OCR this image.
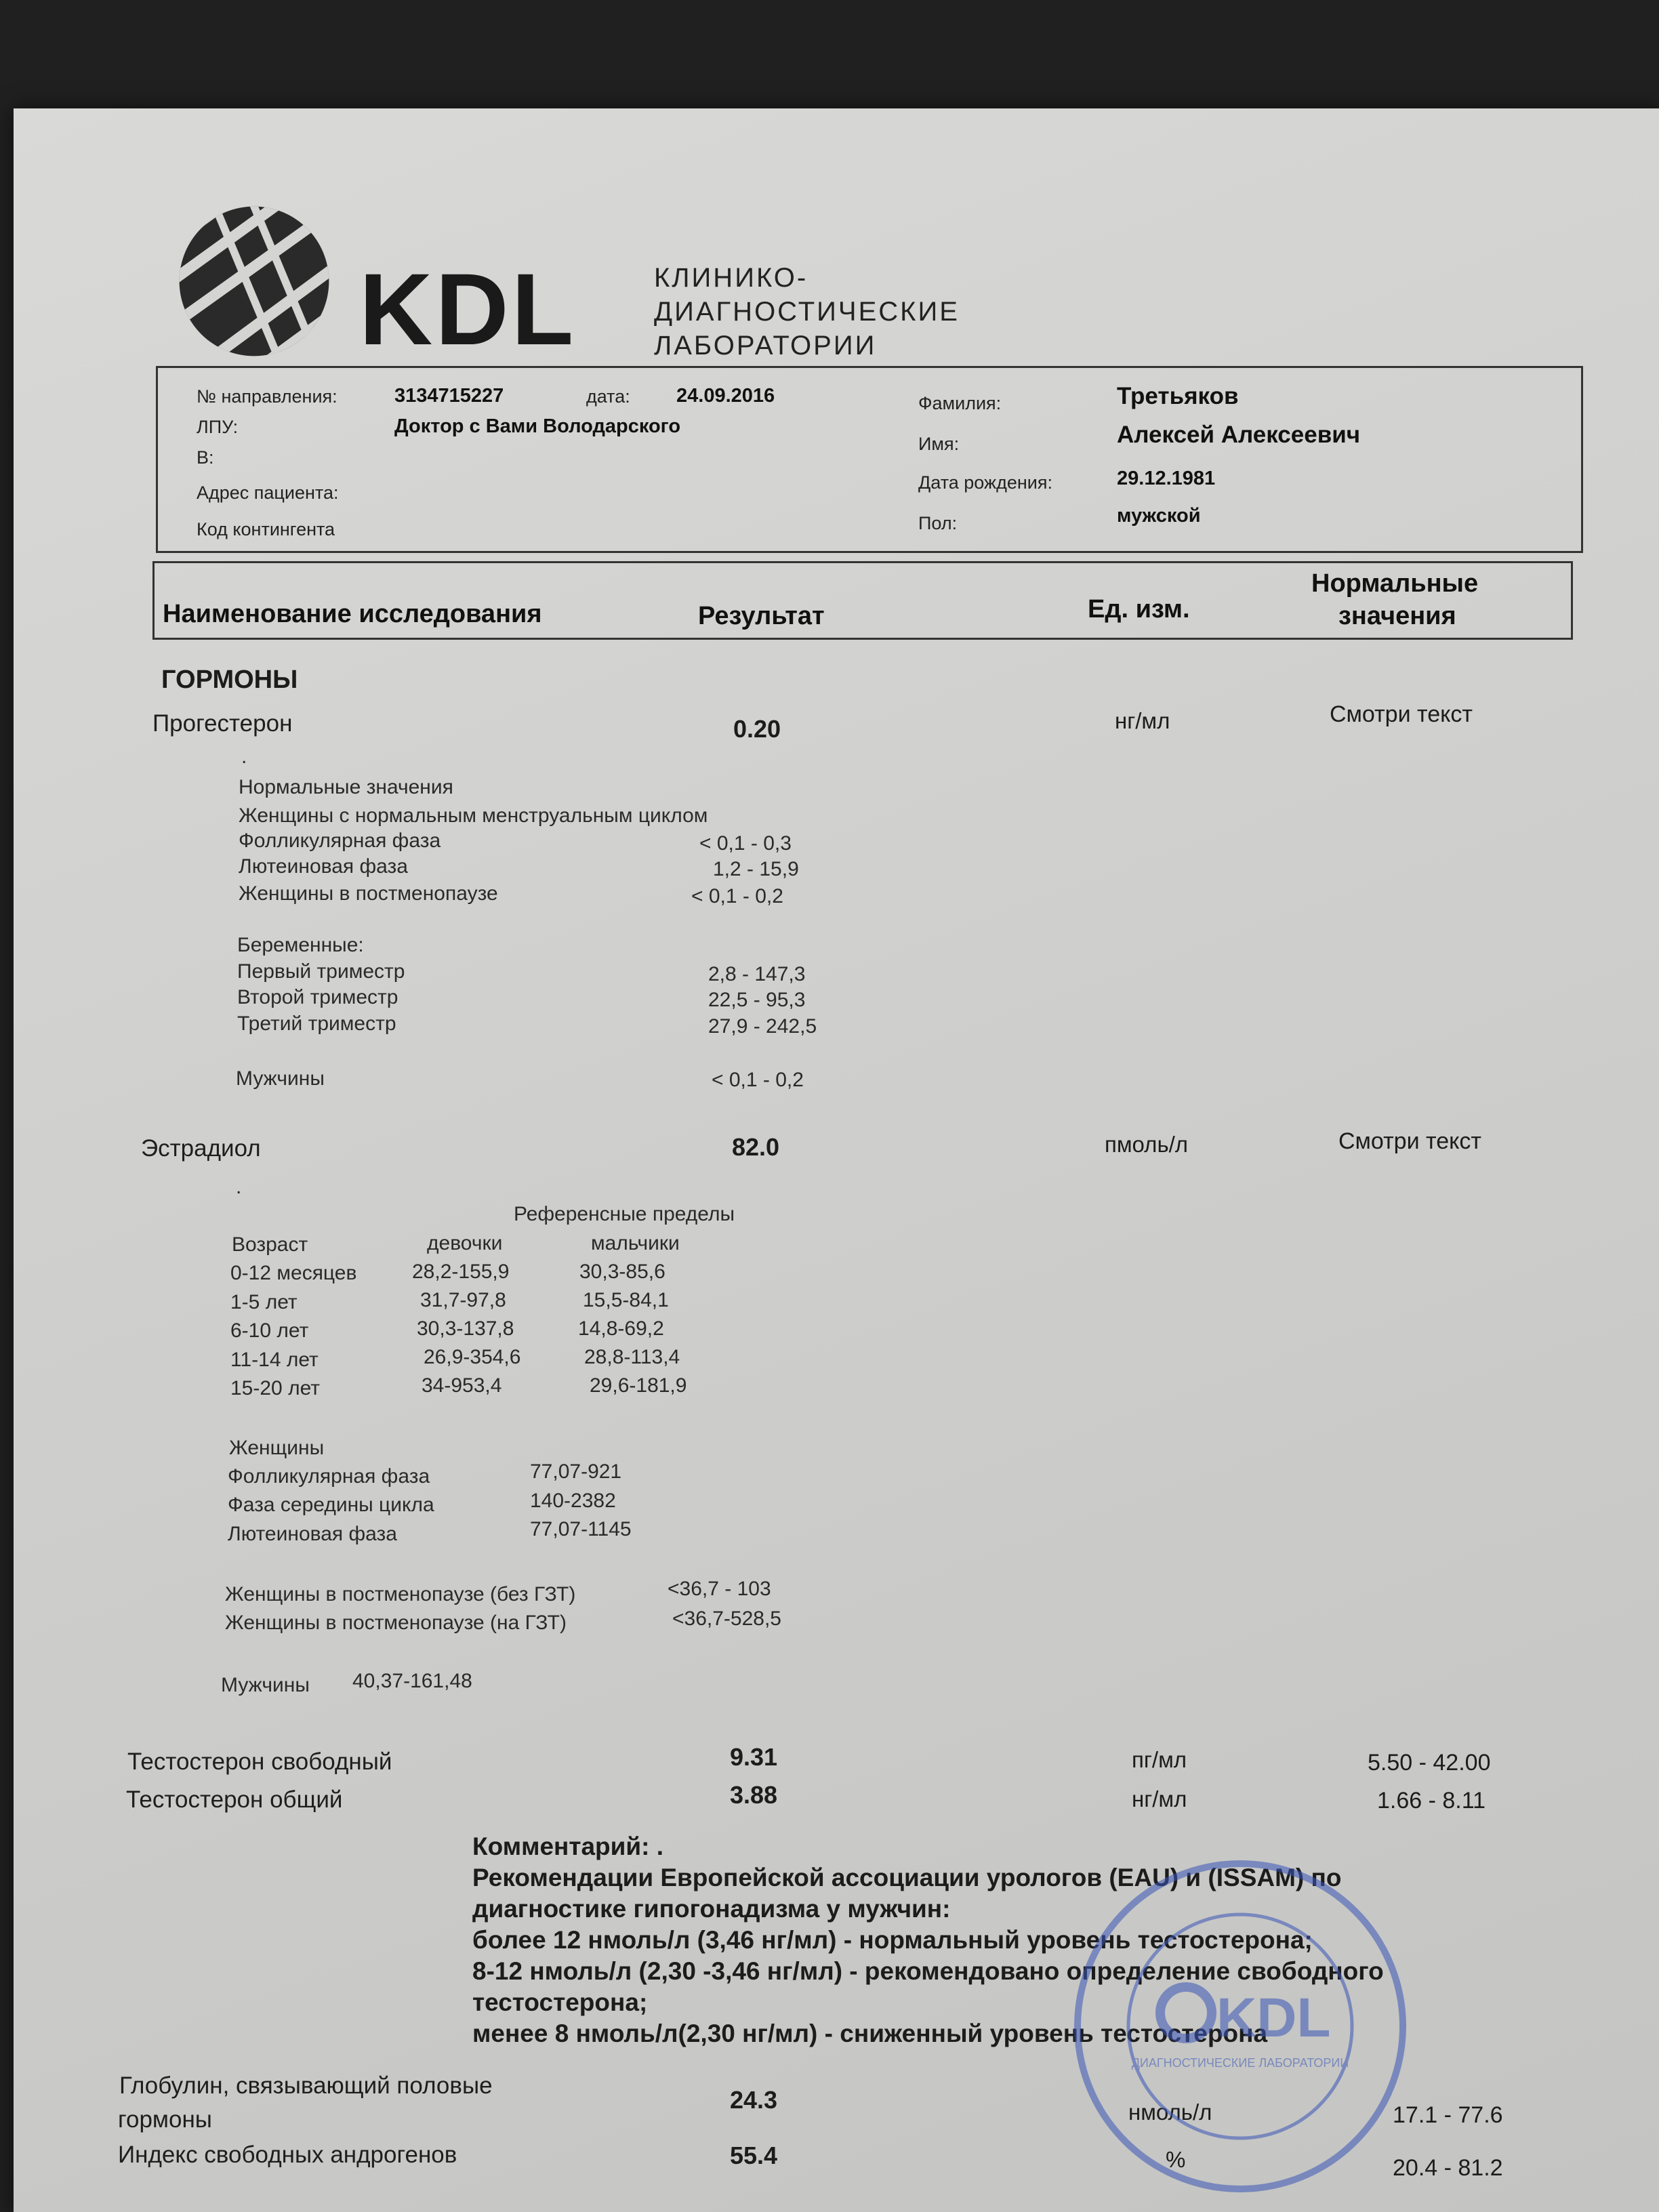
KDL	КЛИНИКО-
ДИАГНОСТИЧЕСКИЕ
ЛАБОРАТОРИИ
№ направления:	3134715227	дата: 24.09.2016
ЛПУ:	Доктор с Вами Володарского
В:
Адрес пациента:
Код контингента
Фамилия:	Третьяков
Имя:	Алексей Алексеевич
Дата рождения:	29.12.1981
Пол:	мужской
Наименование исследования	Результат	Ед. изм.
Нормальные
значения
ГОРМОНЫ
Прогестерон	0.20	нг/мл	Смотри текст
.
Нормальные значения
Женщины с нормальным менструальным циклом
Фолликулярная фаза	< 0,1 - 0,3
Лютеиновая фаза	1,2 - 15,9
Женщины в постменопаузе	< 0,1 - 0,2
Беременные:
Первый триместр	2,8 - 147,3
Второй триместр	22,5 - 95,3
Третий триместр	27,9 - 242,5
Мужчины	< 0,1 - 0,2
Эстрадиол	82.0	пмоль/л	Смотри текст
.
Референсные пределы
Возраст	девочки	мальчики
0-12 месяцев	28,2-155,9	30,3-85,6
1-5 лет	31,7-97,8	15,5-84,1
6-10 лет	30,3-137,8	14,8-69,2
11-14 лет	26,9-354,6	28,8-113,4
15-20 лет	34-953,4	29,6-181,9
Женщины
Фолликулярная фаза	77,07-921
Фаза середины цикла	140-2382
Лютеиновая фаза	77,07-1145
Женщины в постменопаузе (без ГЗТ)	<36,7 - 103
Женщины в постменопаузе (на ГЗТ)	<36,7-528,5
Мужчины 40,37-161,48
Тестостерон свободный	9.31	пг/мл	5.50 - 42.00
Тестостерон общий	3.88	нг/мл	1.66 - 8.11
Комментарий: .
Рекомендации Европейской ассоциации урологов (EAU) и (ISSAM) по
диагностике гипогонадизма у мужчин:
более 12 нмоль/л (3,46 нг/мл) - нормальный уровень тестостерона;
8-12 нмоль/л (2,30 -3,46 нг/мл) - рекомендовано определение свободного
тестостерона;
менее 8 нмоль/л(2,30 нг/мл) - сниженный уровень тестостерона
Глобулин, связывающий половые
гормоны
24.3	нмоль/л	17.1 - 77.6
Индекс свободных андрогенов	55.4	%	20.4 - 81.2
KDL
ДИАГНОСТИЧЕСКИЕ ЛАБОРАТОРИИ
